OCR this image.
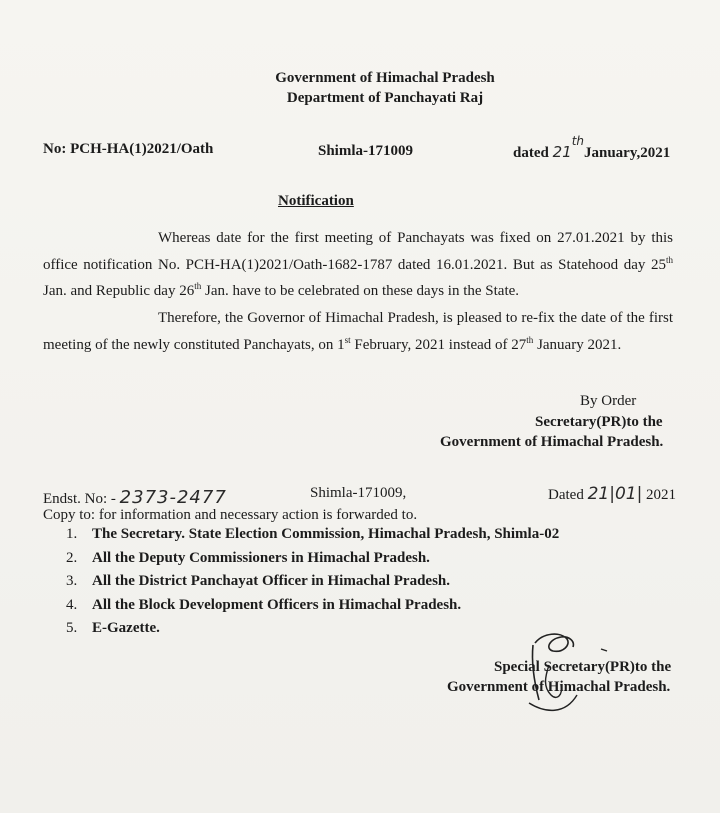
Government of Himachal Pradesh
Department of Panchayati Raj
No: PCH-HA(1)2021/Oath	Shimla-171009	dated 21thJanuary,2021
Notification

Whereas date for the first meeting of Panchayats was fixed on 27.01.2021 by this office notification No. PCH-HA(1)2021/Oath-1682-1787 dated 16.01.2021. But as Statehood day 25th Jan. and Republic day 26th Jan. have to be celebrated on these days in the State.

Therefore, the Governor of Himachal Pradesh, is pleased to re-fix the date of the first meeting of the newly constituted Panchayats, on 1st February, 2021 instead of 27th January 2021.

By Order
Secretary(PR)to the
Government of Himachal Pradesh.
Endst. No: - 2373-2477	Shimla-171009,	Dated 21|01| 2021
Copy to: for information and necessary action is forwarded to.
1. The Secretary. State Election Commission, Himachal Pradesh, Shimla-02
2. All the Deputy Commissioners in Himachal Pradesh.
3. All the District Panchayat Officer in Himachal Pradesh.
4. All the Block Development Officers in Himachal Pradesh.
5. E-Gazette.
Special Secretary(PR)to the
Government of Himachal Pradesh.
